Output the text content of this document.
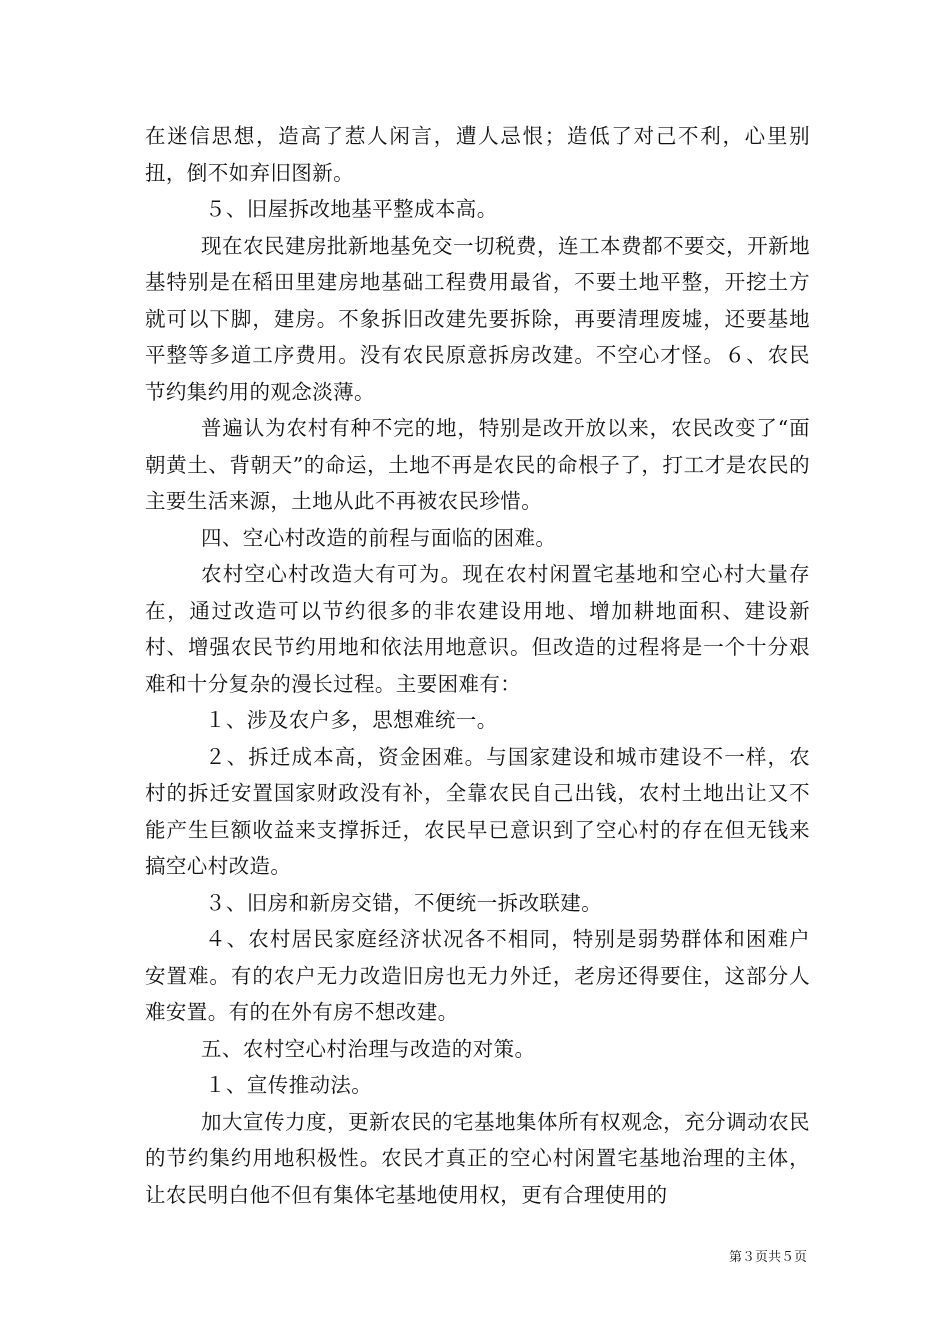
在迷信思想，造高了惹人闲言，遭人忌恨；造低了对己不利，心里别扭，倒不如弃旧图新。

５、旧屋拆改地基平整成本高。

现在农民建房批新地基免交一切税费，连工本费都不要交，开新地基特别是在稻田里建房地基础工程费用最省，不要土地平整，开挖土方就可以下脚，建房。不象拆旧改建先要拆除，再要清理废墟，还要基地平整等多道工序费用。没有农民原意拆房改建。不空心才怪。６、农民节约集约用的观念淡薄。

普遍认为农村有种不完的地，特别是改开放以来，农民改变了“面朝黄土、背朝天”的命运，土地不再是农民的命根子了，打工才是农民的主要生活来源，土地从此不再被农民珍惜。

四、空心村改造的前程与面临的困难。

农村空心村改造大有可为。现在农村闲置宅基地和空心村大量存在，通过改造可以节约很多的非农建设用地、增加耕地面积、建设新村、增强农民节约用地和依法用地意识。但改造的过程将是一个十分艰难和十分复杂的漫长过程。主要困难有：

１、涉及农户多，思想难统一。

２、拆迁成本高，资金困难。与国家建设和城市建设不一样，农村的拆迁安置国家财政没有补，全靠农民自己出钱，农村土地出让又不能产生巨额收益来支撑拆迁，农民早已意识到了空心村的存在但无钱来搞空心村改造。

３、旧房和新房交错，不便统一拆改联建。

４、农村居民家庭经济状况各不相同，特别是弱势群体和困难户安置难。有的农户无力改造旧房也无力外迁，老房还得要住，这部分人难安置。有的在外有房不想改建。

五、农村空心村治理与改造的对策。

１、宣传推动法。

加大宣传力度，更新农民的宅基地集体所有权观念，充分调动农民的节约集约用地积极性。农民才真正的空心村闲置宅基地治理的主体，让农民明白他不但有集体宅基地使用权，更有合理使用的

第３页共５页
